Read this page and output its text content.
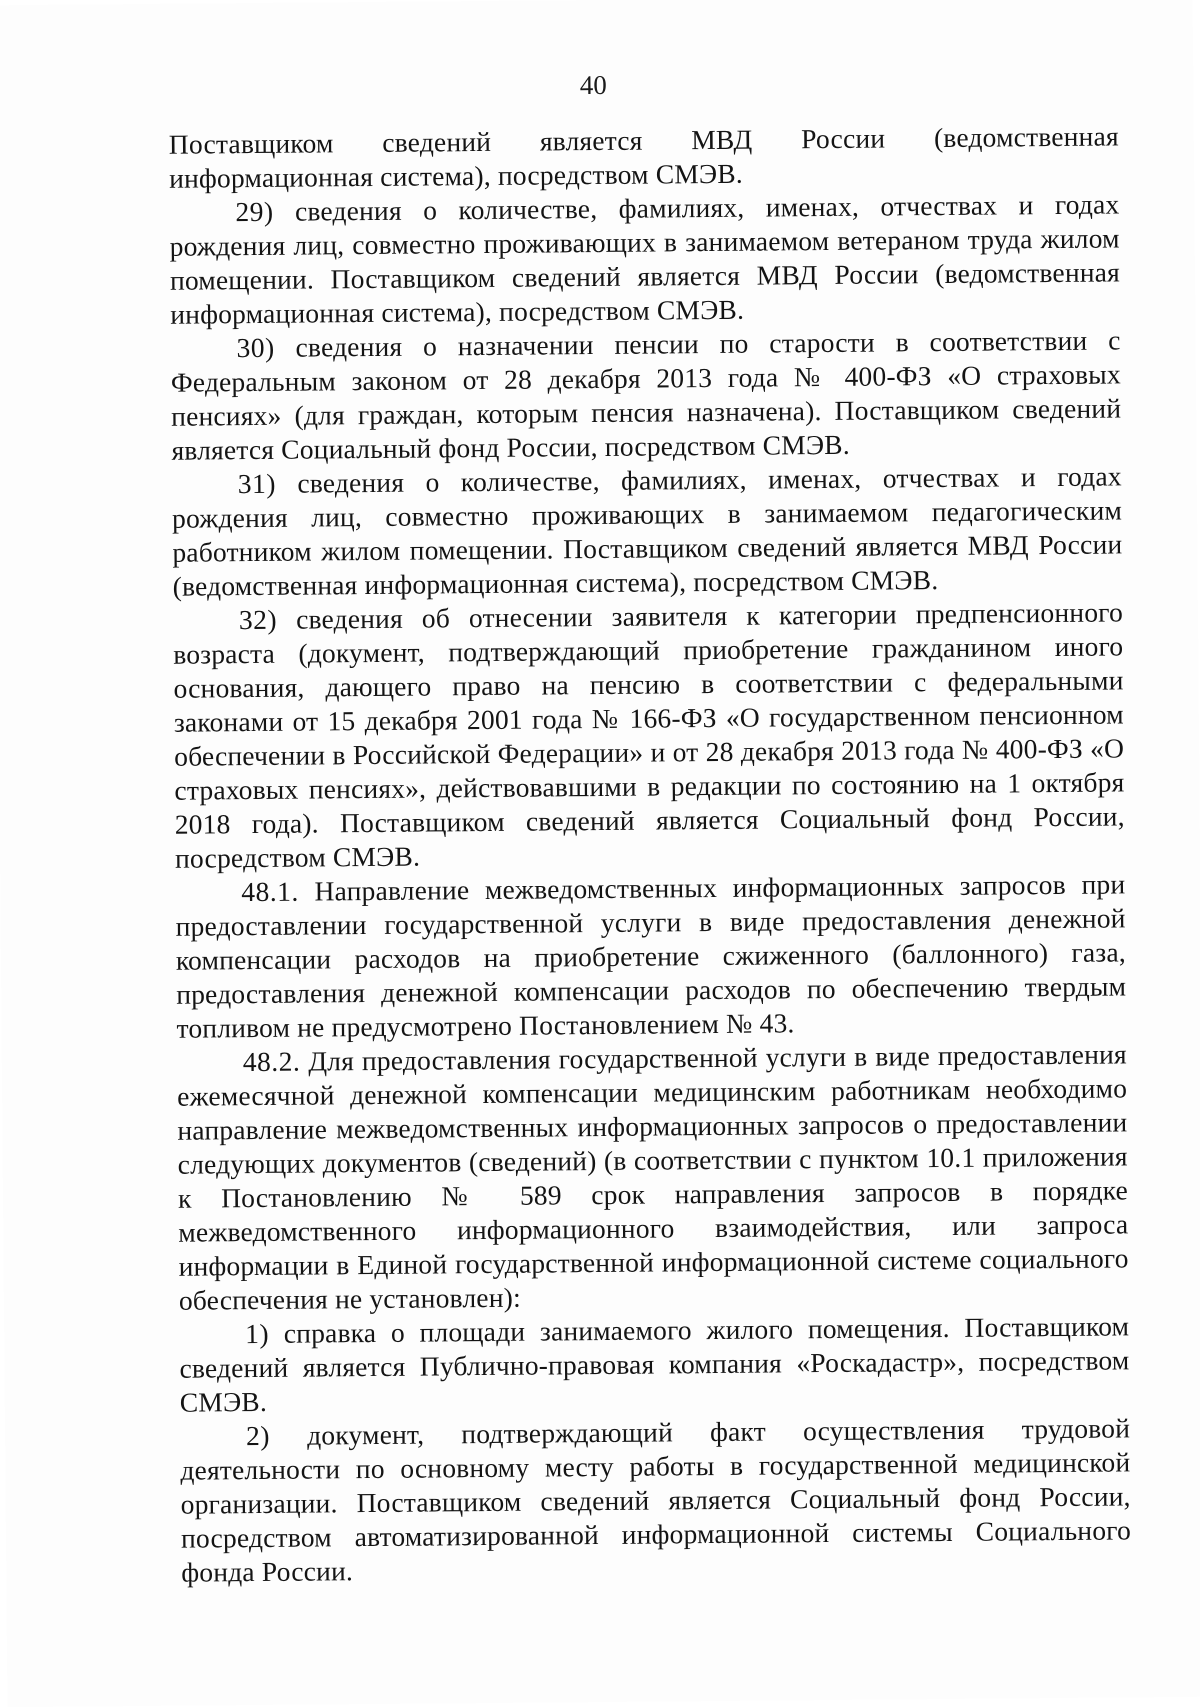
40

Поставщиком сведений является МВД России (ведомственная информационная система), посредством СМЭВ.

29) сведения о количестве, фамилиях, именах, отчествах и годах рождения лиц, совместно проживающих в занимаемом ветераном труда жилом помещении. Поставщиком сведений является МВД России (ведомственная информационная система), посредством СМЭВ.

30) сведения о назначении пенсии по старости в соответствии с Федеральным законом от 28 декабря 2013 года № 400-ФЗ «О страховых пенсиях» (для граждан, которым пенсия назначена). Поставщиком сведений является Социальный фонд России, посредством СМЭВ.

31) сведения о количестве, фамилиях, именах, отчествах и годах рождения лиц, совместно проживающих в занимаемом педагогическим работником жилом помещении. Поставщиком сведений является МВД России (ведомственная информационная система), посредством СМЭВ.

32) сведения об отнесении заявителя к категории предпенсионного возраста (документ, подтверждающий приобретение гражданином иного основания, дающего право на пенсию в соответствии с федеральными законами от 15 декабря 2001 года № 166-ФЗ «О государственном пенсионном обеспечении в Российской Федерации» и от 28 декабря 2013 года № 400-ФЗ «О страховых пенсиях», действовавшими в редакции по состоянию на 1 октября 2018 года). Поставщиком сведений является Социальный фонд России, посредством СМЭВ.

48.1. Направление межведомственных информационных запросов при предоставлении государственной услуги в виде предоставления денежной компенсации расходов на приобретение сжиженного (баллонного) газа, предоставления денежной компенсации расходов по обеспечению твердым топливом не предусмотрено Постановлением № 43.

48.2. Для предоставления государственной услуги в виде предоставления ежемесячной денежной компенсации медицинским работникам необходимо направление межведомственных информационных запросов о предоставлении следующих документов (сведений) (в соответствии с пунктом 10.1 приложения к Постановлению № 589 срок направления запросов в порядке межведомственного информационного взаимодействия, или запроса информации в Единой государственной информационной системе социального обеспечения не установлен):

1) справка о площади занимаемого жилого помещения. Поставщиком сведений является Публично-правовая компания «Роскадастр», посредством СМЭВ.

2) документ, подтверждающий факт осуществления трудовой деятельности по основному месту работы в государственной медицинской организации. Поставщиком сведений является Социальный фонд России, посредством автоматизированной информационной системы Социального фонда России.
